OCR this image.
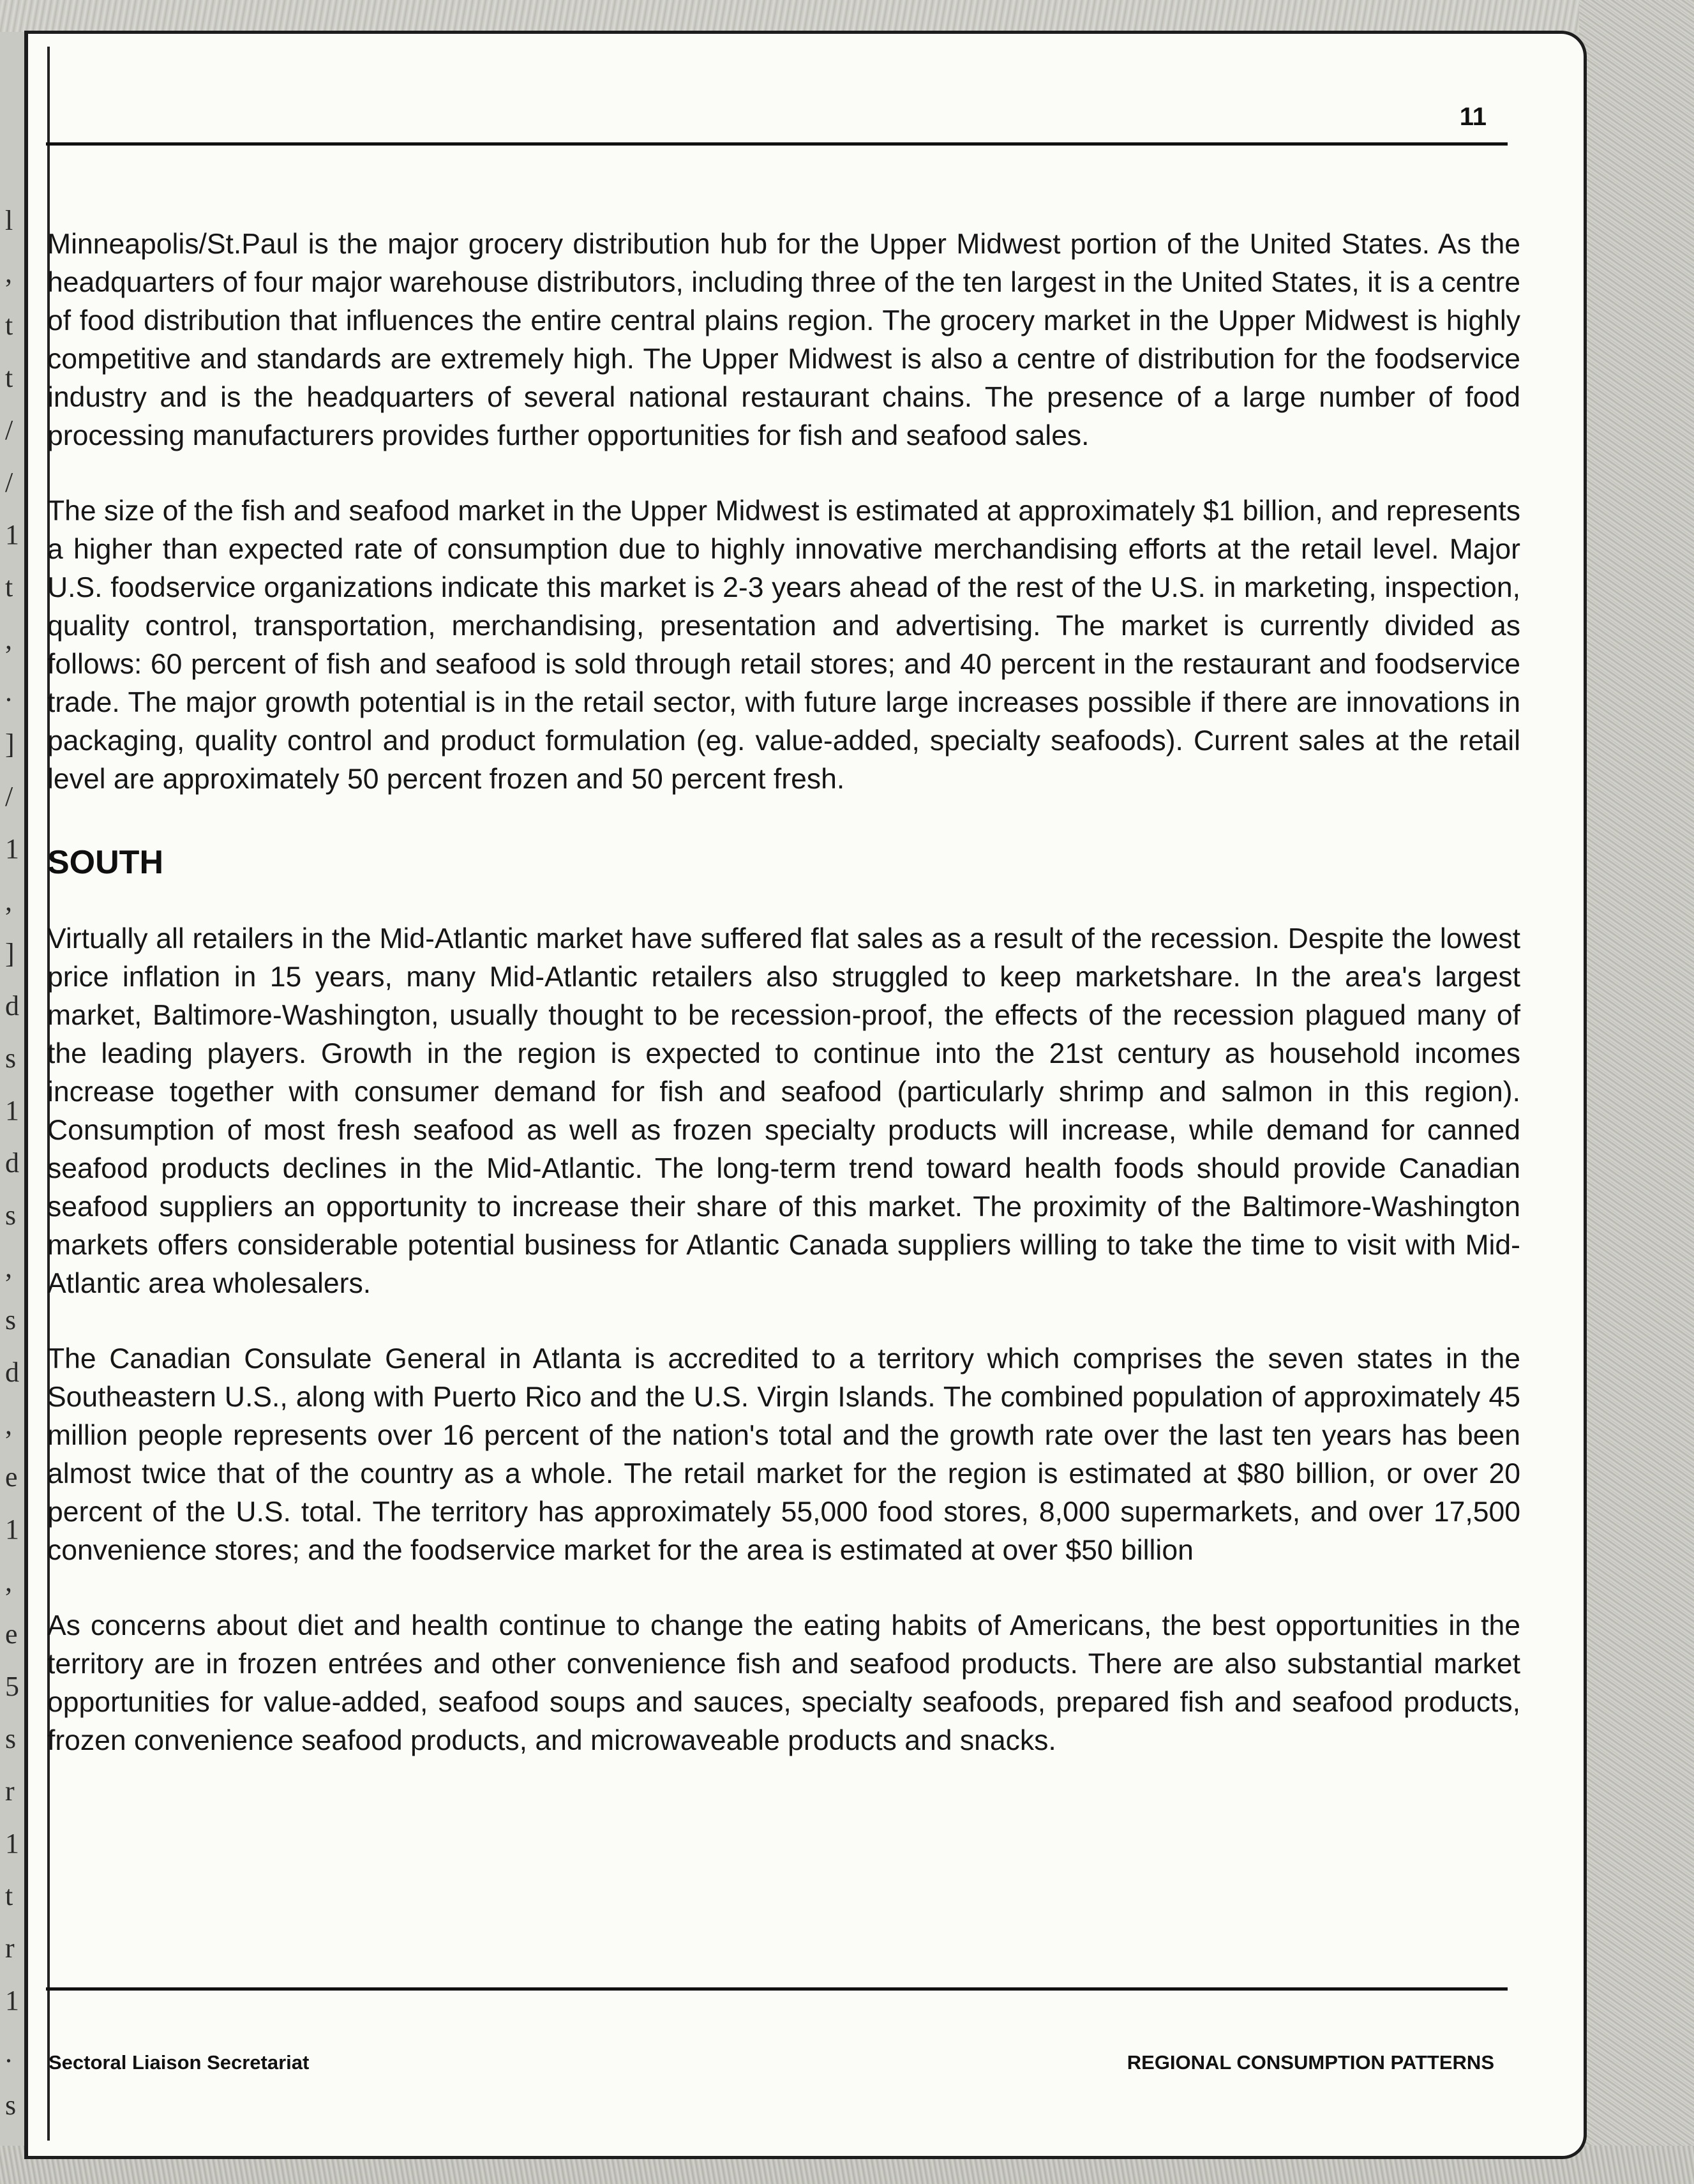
l
,
t
t
/
/
1
t
,
.
]
/
1
,
]
d
s
1
d
s
,
s
d
,
e
1
,
e
5
s
r
1
t
r
1
.
s
11

Minneapolis/St.Paul is the major grocery distribution hub for the Upper Midwest portion of the United States. As the headquarters of four major warehouse distributors, including three of the ten largest in the United States, it is a centre of food distribution that influences the entire central plains region. The grocery market in the Upper Midwest is highly competitive and standards are extremely high. The Upper Midwest is also a centre of distribution for the foodservice industry and is the headquarters of several national restaurant chains. The presence of a large number of food processing manufacturers provides further opportunities for fish and seafood sales.

The size of the fish and seafood market in the Upper Midwest is estimated at approximately $1 billion, and represents a higher than expected rate of consumption due to highly innovative merchandising efforts at the retail level. Major U.S. foodservice organizations indicate this market is 2-3 years ahead of the rest of the U.S. in marketing, inspection, quality control, transportation, merchandising, presentation and advertising. The market is currently divided as follows: 60 percent of fish and seafood is sold through retail stores; and 40 percent in the restaurant and foodservice trade. The major growth potential is in the retail sector, with future large increases possible if there are innovations in packaging, quality control and product formulation (eg. value-added, specialty seafoods). Current sales at the retail level are approximately 50 percent frozen and 50 percent fresh.

SOUTH

Virtually all retailers in the Mid-Atlantic market have suffered flat sales as a result of the recession. Despite the lowest price inflation in 15 years, many Mid-Atlantic retailers also struggled to keep marketshare. In the area's largest market, Baltimore-Washington, usually thought to be recession-proof, the effects of the recession plagued many of the leading players. Growth in the region is expected to continue into the 21st century as household incomes increase together with consumer demand for fish and seafood (particularly shrimp and salmon in this region). Consumption of most fresh seafood as well as frozen specialty products will increase, while demand for canned seafood products declines in the Mid-Atlantic. The long-term trend toward health foods should provide Canadian seafood suppliers an opportunity to increase their share of this market. The proximity of the Baltimore-Washington markets offers considerable potential business for Atlantic Canada suppliers willing to take the time to visit with Mid-Atlantic area wholesalers.

The Canadian Consulate General in Atlanta is accredited to a territory which comprises the seven states in the Southeastern U.S., along with Puerto Rico and the U.S. Virgin Islands. The combined population of approximately 45 million people represents over 16 percent of the nation's total and the growth rate over the last ten years has been almost twice that of the country as a whole. The retail market for the region is estimated at $80 billion, or over 20 percent of the U.S. total. The territory has approximately 55,000 food stores, 8,000 supermarkets, and over 17,500 convenience stores; and the foodservice market for the area is estimated at over $50 billion

As concerns about diet and health continue to change the eating habits of Americans, the best opportunities in the territory are in frozen entrées and other convenience fish and seafood products. There are also substantial market opportunities for value-added, seafood soups and sauces, specialty seafoods, prepared fish and seafood products, frozen convenience seafood products, and microwaveable products and snacks.

Sectoral Liaison Secretariat	REGIONAL CONSUMPTION PATTERNS
